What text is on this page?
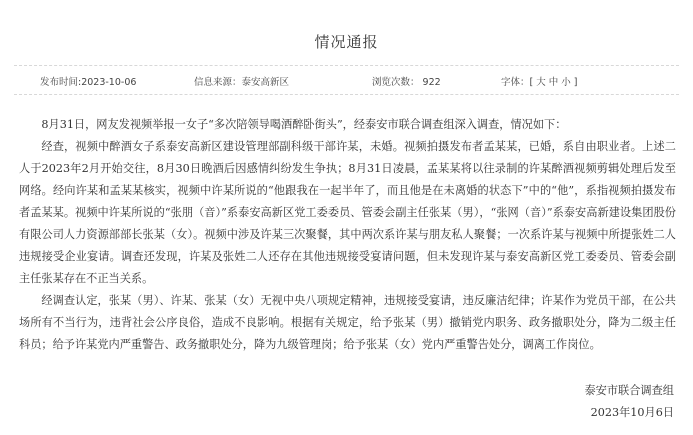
情况通报
发布时间:2023-10-06	信息来源：泰安高新区	浏览次数： 922	字体：[ 大 中 小 ]

8月31日，网友发视频举报一女子“多次陪领导喝酒醉卧街头”，经泰安市联合调查组深入调查，情况如下：

经查，视频中醉酒女子系泰安高新区建设管理部副科级干部许某，未婚。视频拍摄发布者孟某某，已婚，系自由职业者。上述二人于2023年2月开始交往，8月30日晚酒后因感情纠纷发生争执；8月31日凌晨，孟某某将以往录制的许某醉酒视频剪辑处理后发至网络。经向许某和孟某某核实，视频中许某所说的“他跟我在一起半年了，而且他是在未离婚的状态下”中的“他”，系指视频拍摄发布者孟某某。视频中许某所说的“张朋（音）”系泰安高新区党工委委员、管委会副主任张某（男），“张网（音）”系泰安高新建设集团股份有限公司人力资源部部长张某（女）。视频中涉及许某三次聚餐，其中两次系许某与朋友私人聚餐；一次系许某与视频中所提张姓二人违规接受企业宴请。调查还发现，许某及张姓二人还存在其他违规接受宴请问题，但未发现许某与泰安高新区党工委委员、管委会副主任张某存在不正当关系。

经调查认定，张某（男）、许某、张某（女）无视中央八项规定精神，违规接受宴请，违反廉洁纪律；许某作为党员干部，在公共场所有不当行为，违背社会公序良俗，造成不良影响。根据有关规定，给予张某（男）撤销党内职务、政务撤职处分，降为二级主任科员；给予许某党内严重警告、政务撤职处分，降为九级管理岗；给予张某（女）党内严重警告处分，调离工作岗位。

泰安市联合调查组
2023年10月6日
